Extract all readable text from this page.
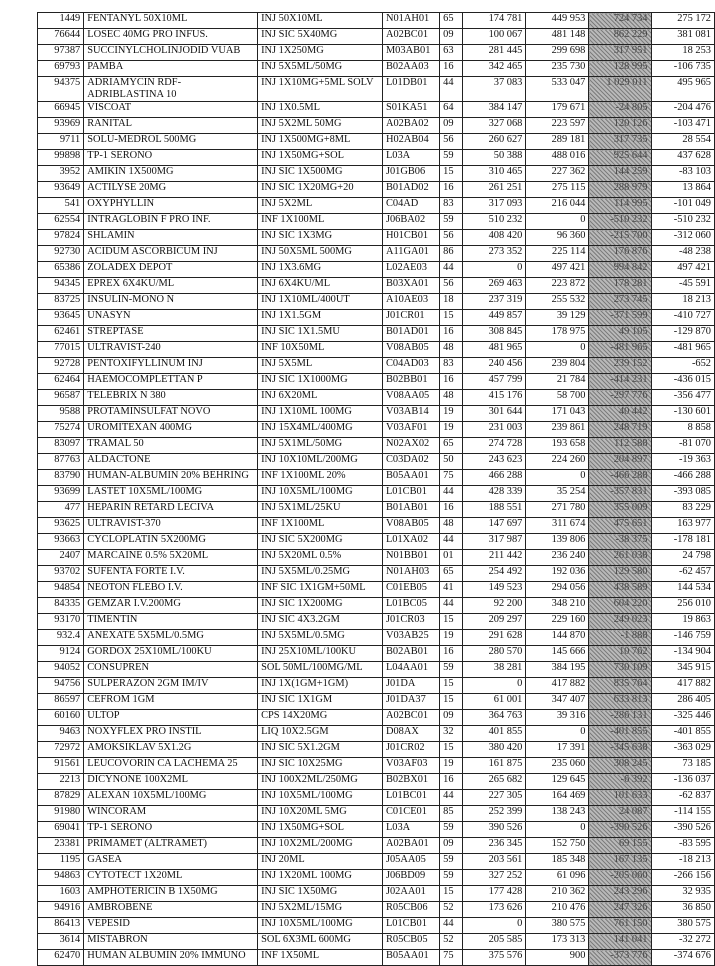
1449	FENTANYL 50X10ML	INJ 50X10ML	N01AH01	65	174 781	449 953	724 734	275 172
76644	LOSEC 40MG PRO INFUS.	INJ SIC 5X40MG	A02BC01	09	100 067	481 148	862 229	381 081
97387	SUCCINYLCHOLINJODID VUAB	INJ 1X250MG	M03AB01	63	281 445	299 698	317 951	18 253
69793	PAMBA	INJ 5X5ML/50MG	B02AA03	16	342 465	235 730	128 995	-106 735
94375	ADRIAMYCIN RDF-ADRIBLASTINA 10	INJ 1X10MG+5ML SOLV	L01DB01	44	37 083	533 047	1 029 011	495 965
66945	VISCOAT	INJ 1X0.5ML	S01KA51	64	384 147	179 671	-24 805	-204 476
93969	RANITAL	INJ 5X2ML 50MG	A02BA02	09	327 068	223 597	120 126	-103 471
9711	SOLU-MEDROL 500MG	INJ 1X500MG+8ML	H02AB04	56	260 627	289 181	317 735	28 554
99898	TP-1 SERONO	INJ 1X50MG+SOL	L03A	59	50 388	488 016	925 644	437 628
3952	AMIKIN 1X500MG	INJ SIC 1X500MG	J01GB06	15	310 465	227 362	144 259	-83 103
93649	ACTILYSE 20MG	INJ SIC 1X20MG+20	B01AD02	16	261 251	275 115	288 979	13 864
541	OXYPHYLLIN	INJ 5X2ML	C04AD	83	317 093	216 044	114 995	-101 049
62554	INTRAGLOBIN F PRO INF.	INF 1X100ML	J06BA02	59	510 232	0	-510 232	-510 232
97824	SHLAMIN	INJ SIC 1X3MG	H01CB01	56	408 420	96 360	-215 700	-312 060
92730	ACIDUM ASCORBICUM INJ	INJ 50X5ML 500MG	A11GA01	86	273 352	225 114	176 876	-48 238
65386	ZOLADEX DEPOT	INJ 1X3.6MG	L02AE03	44	0	497 421	994 842	497 421
94345	EPREX 6X4KU/ML	INJ 6X4KU/ML	B03XA01	56	269 463	223 872	178 281	-45 591
83725	INSULIN-MONO N	INJ 1X10ML/400UT	A10AE03	18	237 319	255 532	273 745	18 213
93645	UNASYN	INJ 1X1.5GM	J01CR01	15	449 857	39 129	-371 599	-410 727
62461	STREPTASE	INJ SIC 1X1.5MU	B01AD01	16	308 845	178 975	49 105	-129 870
77015	ULTRAVIST-240	INF 10X50ML	V08AB05	48	481 965	0	-481 965	-481 965
92728	PENTOXIFYLLINUM INJ	INJ 5X5ML	C04AD03	83	240 456	239 804	239 152	-652
62464	HAEMOCOMPLETTAN P	INJ SIC 1X1000MG	B02BB01	16	457 799	21 784	-414 231	-436 015
96587	TELEBRIX N 380	INJ 6X20ML	V08AA05	48	415 176	58 700	-297 776	-356 477
9588	PROTAMINSULFAT NOVO	INJ 1X10ML 100MG	V03AB14	19	301 644	171 043	40 442	-130 601
75274	UROMITEXAN 400MG	INJ 15X4ML/400MG	V03AF01	19	231 003	239 861	248 719	8 858
83097	TRAMAL 50	INJ 5X1ML/50MG	N02AX02	65	274 728	193 658	112 588	-81 070
87763	ALDACTONE	INJ 10X10ML/200MG	C03DA02	50	243 623	224 260	204 897	-19 363
83790	HUMAN-ALBUMIN 20% BEHRING	INF 1X100ML 20%	B05AA01	75	466 288	0	-466 288	-466 288
93699	LASTET 10X5ML/100MG	INJ 10X5ML/100MG	L01CB01	44	428 339	35 254	-357 831	-393 085
477	HEPARIN RETARD LECIVA	INJ 5X1ML/25KU	B01AB01	16	188 551	271 780	355 009	83 229
93625	ULTRAVIST-370	INF 1X100ML	V08AB05	48	147 697	311 674	475 651	163 977
93663	CYCLOPLATIN 5X200MG	INJ SIC 5X200MG	L01XA02	44	317 987	139 806	-38 375	-178 181
2407	MARCAINE 0.5% 5X20ML	INJ 5X20ML 0.5%	N01BB01	01	211 442	236 240	261 038	24 798
93702	SUFENTA FORTE I.V.	INJ 5X5ML/0.25MG	N01AH03	65	254 492	192 036	129 580	-62 457
94854	NEOTON FLEBO I.V.	INF SIC 1X1GM+50ML	C01EB05	41	149 523	294 056	438 589	144 534
84335	GEMZAR I.V.200MG	INJ SIC 1X200MG	L01BC05	44	92 200	348 210	604 220	256 010
93170	TIMENTIN	INJ SIC 4X3.2GM	J01CR03	15	209 297	229 160	249 023	19 863
932.4	ANEXATE 5X5ML/0.5MG	INJ 5X5ML/0.5MG	V03AB25	19	291 628	144 870	-1 888	-146 759
9124	GORDOX 25X10ML/100KU	INJ 25X10ML/100KU	B02AB01	16	280 570	145 666	10 762	-134 904
94052	CONSUPREN	SOL 50ML/100MG/ML	L04AA01	59	38 281	384 195	730 109	345 915
94756	SULPERAZON 2GM IM/IV	INJ 1X(1GM+1GM)	J01DA	15	0	417 882	835 764	417 882
86597	CEFROM 1GM	INJ SIC 1X1GM	J01DA37	15	61 001	347 407	633 813	286 405
60160	ULTOP	CPS 14X20MG	A02BC01	09	364 763	39 316	-286 131	-325 446
9463	NOXYFLEX PRO INSTIL	LIQ 10X2.5GM	D08AX	32	401 855	0	-401 855	-401 855
72972	AMOKSIKLAV 5X1.2G	INJ SIC 5X1.2GM	J01CR02	15	380 420	17 391	-345 638	-363 029
91561	LEUCOVORIN CA LACHEMA 25	INJ SIC 10X25MG	V03AF03	19	161 875	235 060	308 245	73 185
2213	DICYNONE 100X2ML	INJ 100X2ML/250MG	B02BX01	16	265 682	129 645	-6 392	-136 037
87829	ALEXAN 10X5ML/100MG	INJ 10X5ML/100MG	L01BC01	44	227 305	164 469	101 633	-62 837
91980	WINCORAM	INJ 10X20ML 5MG	C01CE01	85	252 399	138 243	24 087	-114 155
69041	TP-1 SERONO	INJ 1X50MG+SOL	L03A	59	390 526	0	-390 526	-390 526
23381	PRIMAMET (ALTRAMET)	INJ 10X2ML/200MG	A02BA01	09	236 345	152 750	69 155	-83 595
1195	GASEA	INJ 20ML	J05AA05	59	203 561	185 348	167 135	-18 213
94863	CYTOTECT 1X20ML	INJ 1X20ML 100MG	J06BD09	59	327 252	61 096	-205 060	-266 156
1603	AMPHOTERICIN B 1X50MG	INJ SIC 1X50MG	J02AA01	15	177 428	210 362	243 296	32 935
94916	AMBROBENE	INJ 5X2ML/15MG	R05CB06	52	173 626	210 476	247 326	36 850
86413	VEPESID	INJ 10X5ML/100MG	L01CB01	44	0	380 575	761 150	380 575
3614	MISTABRON	SOL 6X3ML 600MG	R05CB05	52	205 585	173 313	141 041	-32 272
62470	HUMAN ALBUMIN 20% IMMUNO	INF 1X50ML	B05AA01	75	375 576	900	-373 776	-374 676
